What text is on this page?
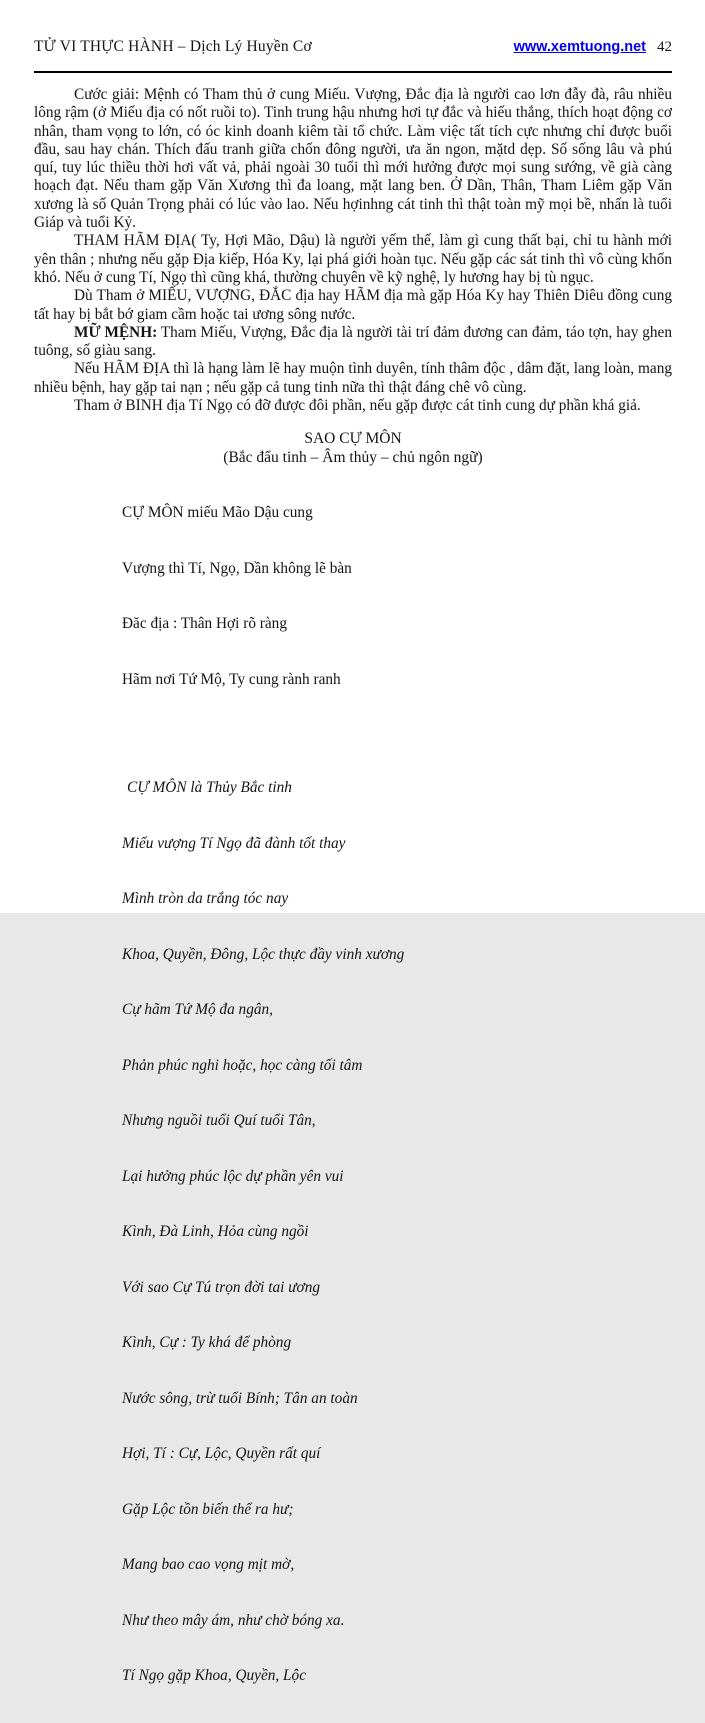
TỬ VI THỰC HÀNH – Dịch Lý Huyền Cơ	www.xemtuong.net 42

Cước giải: Mệnh có Tham thủ ở cung Miếu. Vượng, Đắc địa là người cao lơn đẫy đà, râu nhiều lông rậm (ở Miếu địa có nốt ruồi to). Tinh trung hậu nhưng hơi tự đắc và hiếu thắng, thích hoạt động cơ nhân, tham vọng to lớn, có óc kinh doanh kiêm tài tổ chức. Làm việc tất tích cực nhưng chỉ được buổi đầu, sau hay chán. Thích đấu tranh giữa chốn đông người, ưa ăn ngon, mặtd dẹp. Số sống lâu và phú quí, tuy lúc thiều thời hơi vất vả, phải ngoài 30 tuổi thì mới hưởng được mọi sung sướng, về già càng hoạch đạt. Nếu tham gặp Văn Xương thì đa loang, mặt lang ben. Ở Dần, Thân, Tham Liêm gặp Văn xương là số Quản Trọng phải có lúc vào lao. Nếu hợinhng cát tinh thì thật toàn mỹ mọi bề, nhấn là tuổi Giáp và tuổi Kỷ.

THAM HÃM ĐỊA( Ty, Hợi Mão, Dậu) là người yếm thế, làm gì cung thất bại, chỉ tu hành mới yên thân ; nhưng nếu gặp Địa kiếp, Hóa Ky, lại phá giới hoàn tục. Nếu gặp các sát tinh thì vô cùng khốn khó. Nếu ở cung Tí, Ngọ thì cũng khá, thường chuyên về kỹ nghệ, ly hương hay bị tù ngục.

Dù Tham ở MIẾU, VƯỢNG, ĐẮC địa hay HÃM địa mà gặp Hóa Ky hay Thiên Diêu đồng cung tất hay bị bắt bớ giam cầm hoặc tai ương sông nước.

MỮ MỆNH: Tham Miếu, Vượng, Đắc địa là người tài trí đảm đương can đảm, táo tợn, hay ghen tuông, số giàu sang.

Nếu HÃM ĐỊA thì là hạng làm lẽ hay muộn tình duyên, tính thâm độc , dâm đặt, lang loàn, mang nhiều bệnh, hay gặp tai nạn ; nếu gặp cả tung tinh nữa thì thật đáng chê vô cùng.

Tham ở BINH địa Tí Ngọ có đỡ được đôi phần, nếu gặp được cát tinh cung dự phần khá giả.

SAO CỰ MÔN
(Bắc đẩu tinh – Âm thủy – chủ ngôn ngữ)

CỰ MÔN miếu Mão Dậu cung

Vượng thì Tí, Ngọ, Dần không lẽ bàn

Đăc địa : Thân Hợi rõ ràng

Hãm nơi Tứ Mộ, Ty cung rành ranh

CỰ MÔN là Thủy Bắc tinh

Miếu vượng Tí Ngọ đã đành tốt thay

Mình tròn da trắng tóc nay

Khoa, Quyền, Đông, Lộc thực đầy vinh xương

Cự hãm Tứ Mộ đa ngân,

Phản phúc nghi hoặc, học càng tối tâm

Nhưng nguồi tuổi Quí tuổi Tân,

Lại hưởng phúc lộc dự phần yên vui

Kình, Đà Linh, Hỏa cùng ngồi

Với sao Cự Tú trọn đời tai ương

Kình, Cự : Ty khá để phòng

Nước sông, trừ tuổi Bính; Tân an toàn

Hợi, Tí : Cự, Lộc, Quyền rất quí

Gặp Lộc tồn biến thể ra hư;

Mang bao cao vọng mịt mờ,

Như theo mây ám, như chờ bóng xa.

Tí Ngọ gặp Khoa, Quyền, Lộc
